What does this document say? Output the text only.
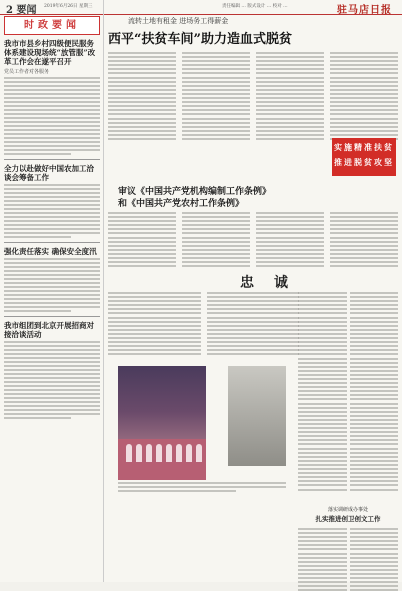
2 要闻 2019年6月26日 星期三	责任编辑 … 版式设计 … 校对 …	驻马店日报
时政要闻
我市市县乡村四级便民服务体系建设现场统“放管服”改革工作会在遂平召开
党员工作者对各服务
全力以赴做好中国农加工洽谈会筹备工作
强化责任落实 确保安全度汛
我市组团到北京开展招商对接洽谈活动
流转土地有租金 进场务工得薪金
西平“扶贫车间”助力造血式脱贫
实施精准扶贫
推进脱贫攻坚
审议《中国共产党机构编制工作条例》
和《中国共产党农村工作条例》
忠诚
落实调研成办事处
扎实推进创卫创文工作
